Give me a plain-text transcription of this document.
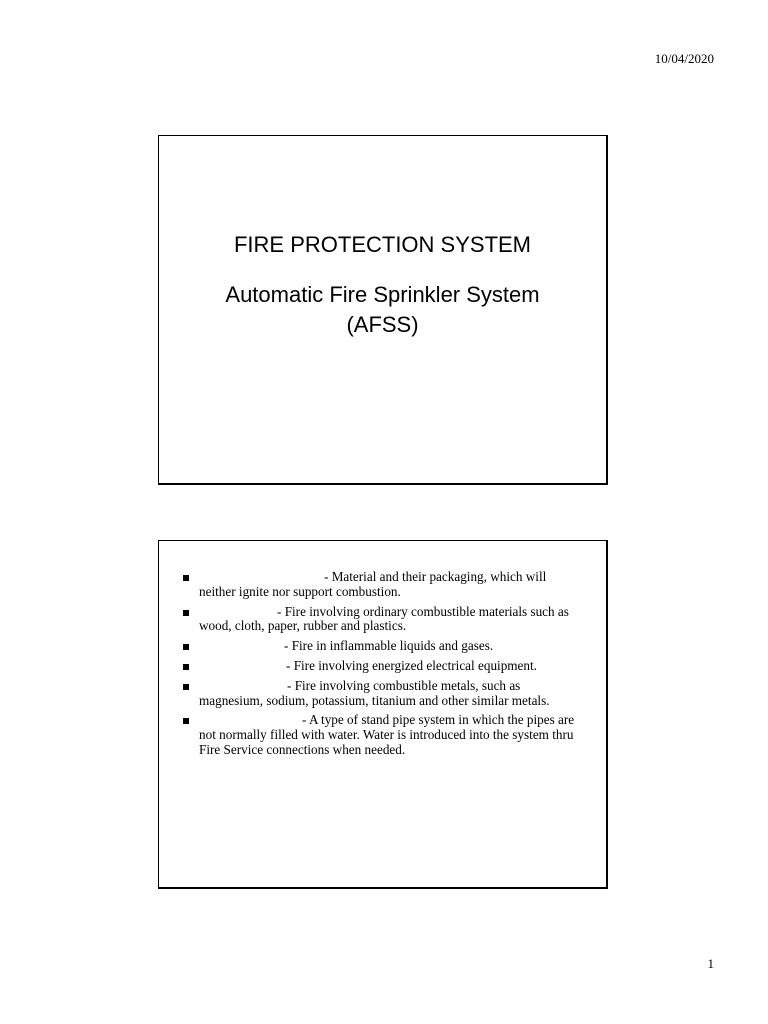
10/04/2020
FIRE PROTECTION SYSTEM
Automatic Fire Sprinkler System
(AFSS)
- Material and their packaging, which will neither ignite nor support combustion.
- Fire involving ordinary combustible materials such as wood, cloth, paper, rubber and plastics.
- Fire in inflammable liquids and gases.
- Fire involving energized electrical equipment.
- Fire involving combustible metals, such as magnesium, sodium, potassium, titanium and other similar metals.
- A type of stand pipe system in which the pipes are not normally filled with water. Water is introduced into the system thru Fire Service connections when needed.
1
